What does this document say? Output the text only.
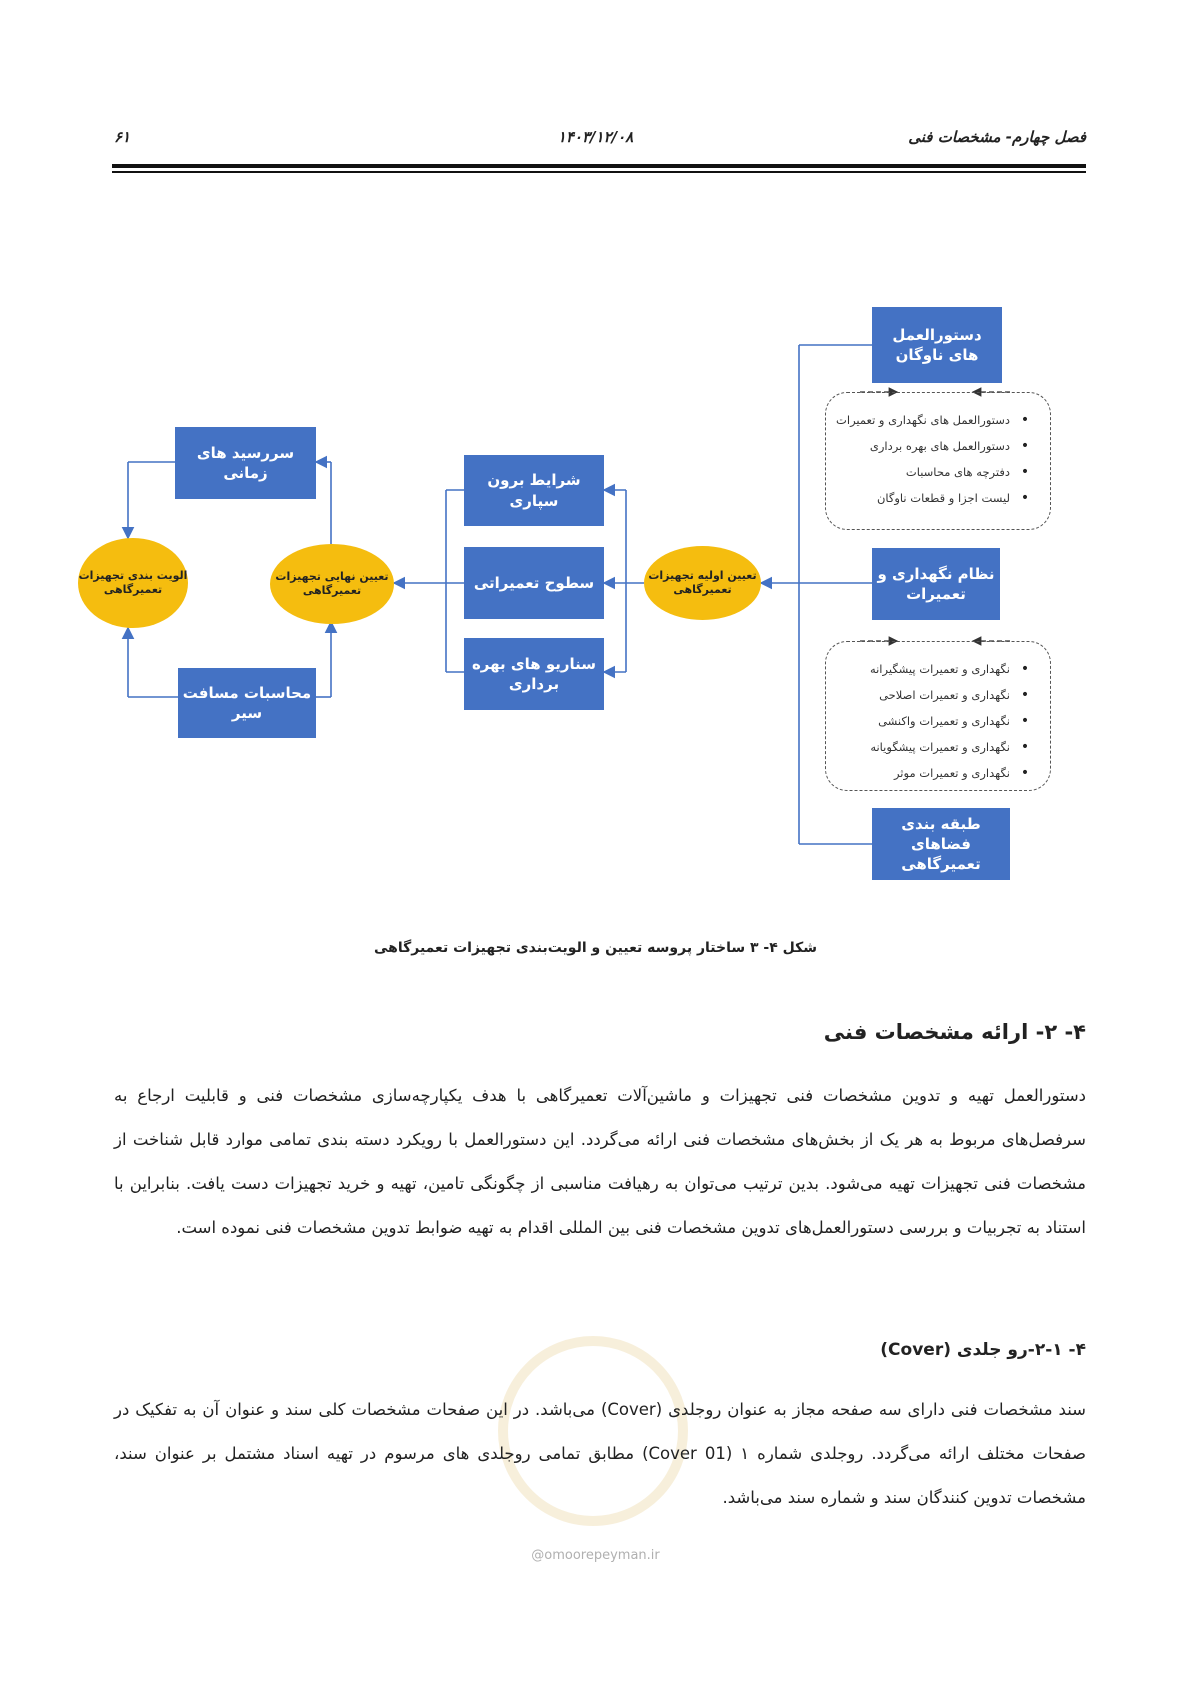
فصل چهارم- مشخصات فنی
۱۴۰۳/۱۲/۰۸
۶۱
دستورالعمل های ناوگان
• دستورالعمل های نگهداری و تعمیرات
• دستورالعمل های بهره برداری
• دفترچه های محاسبات
• لیست اجزا و قطعات ناوگان
نظام نگهداری و تعمیرات
• نگهداری و تعمیرات پیشگیرانه
• نگهداری و تعمیرات اصلاحی
• نگهداری و تعمیرات واکنشی
• نگهداری و تعمیرات پیشگویانه
• نگهداری و تعمیرات موثر
طبقه بندی فضاهای تعمیرگاهی
تعیین اولیه تجهیزات تعمیرگاهی
شرایط برون سپاری
سطوح تعمیراتی
سناریو های بهره برداری
تعیین نهایی تجهیزات تعمیرگاهی
سررسید های زمانی
محاسبات مسافت سیر
الویت بندی تجهیزات تعمیرگاهی
شکل ۴- ۳ ساختار پروسه تعیین و الویت‌بندی تجهیزات تعمیرگاهی
۴- ۲- ارائه مشخصات فنی
دستورالعمل تهیه و تدوین مشخصات فنی تجهیزات و ماشین‌آلات تعمیرگاهی با هدف یکپارچه‌سازی مشخصات فنی و قابلیت ارجاع به سرفصل‌های مربوط به هر یک از بخش‌های مشخصات فنی ارائه می‌گردد. این دستورالعمل با رویکرد دسته بندی تمامی موارد قابل شناخت از مشخصات فنی تجهیزات تهیه می‌شود. بدین ترتیب می‌توان به رهیافت مناسبی از چگونگی تامین، تهیه و خرید تجهیزات دست یافت. بنابراین با استناد به تجربیات و بررسی دستورالعمل‌های تدوین مشخصات فنی بین المللی اقدام به تهیه ضوابط تدوین مشخصات فنی نموده است.
۴- ۲-۱-رو جلدی (Cover)
سند مشخصات فنی دارای سه صفحه مجاز به عنوان روجلدی (Cover) می‌باشد. در این صفحات مشخصات کلی سند و عنوان آن به تفکیک در صفحات مختلف ارائه می‌گردد. روجلدی شماره ۱ (Cover 01) مطابق تمامی روجلدی های مرسوم در تهیه اسناد مشتمل بر عنوان سند، مشخصات تدوین کنندگان سند و شماره سند می‌باشد.
@omoorepeyman.ir
